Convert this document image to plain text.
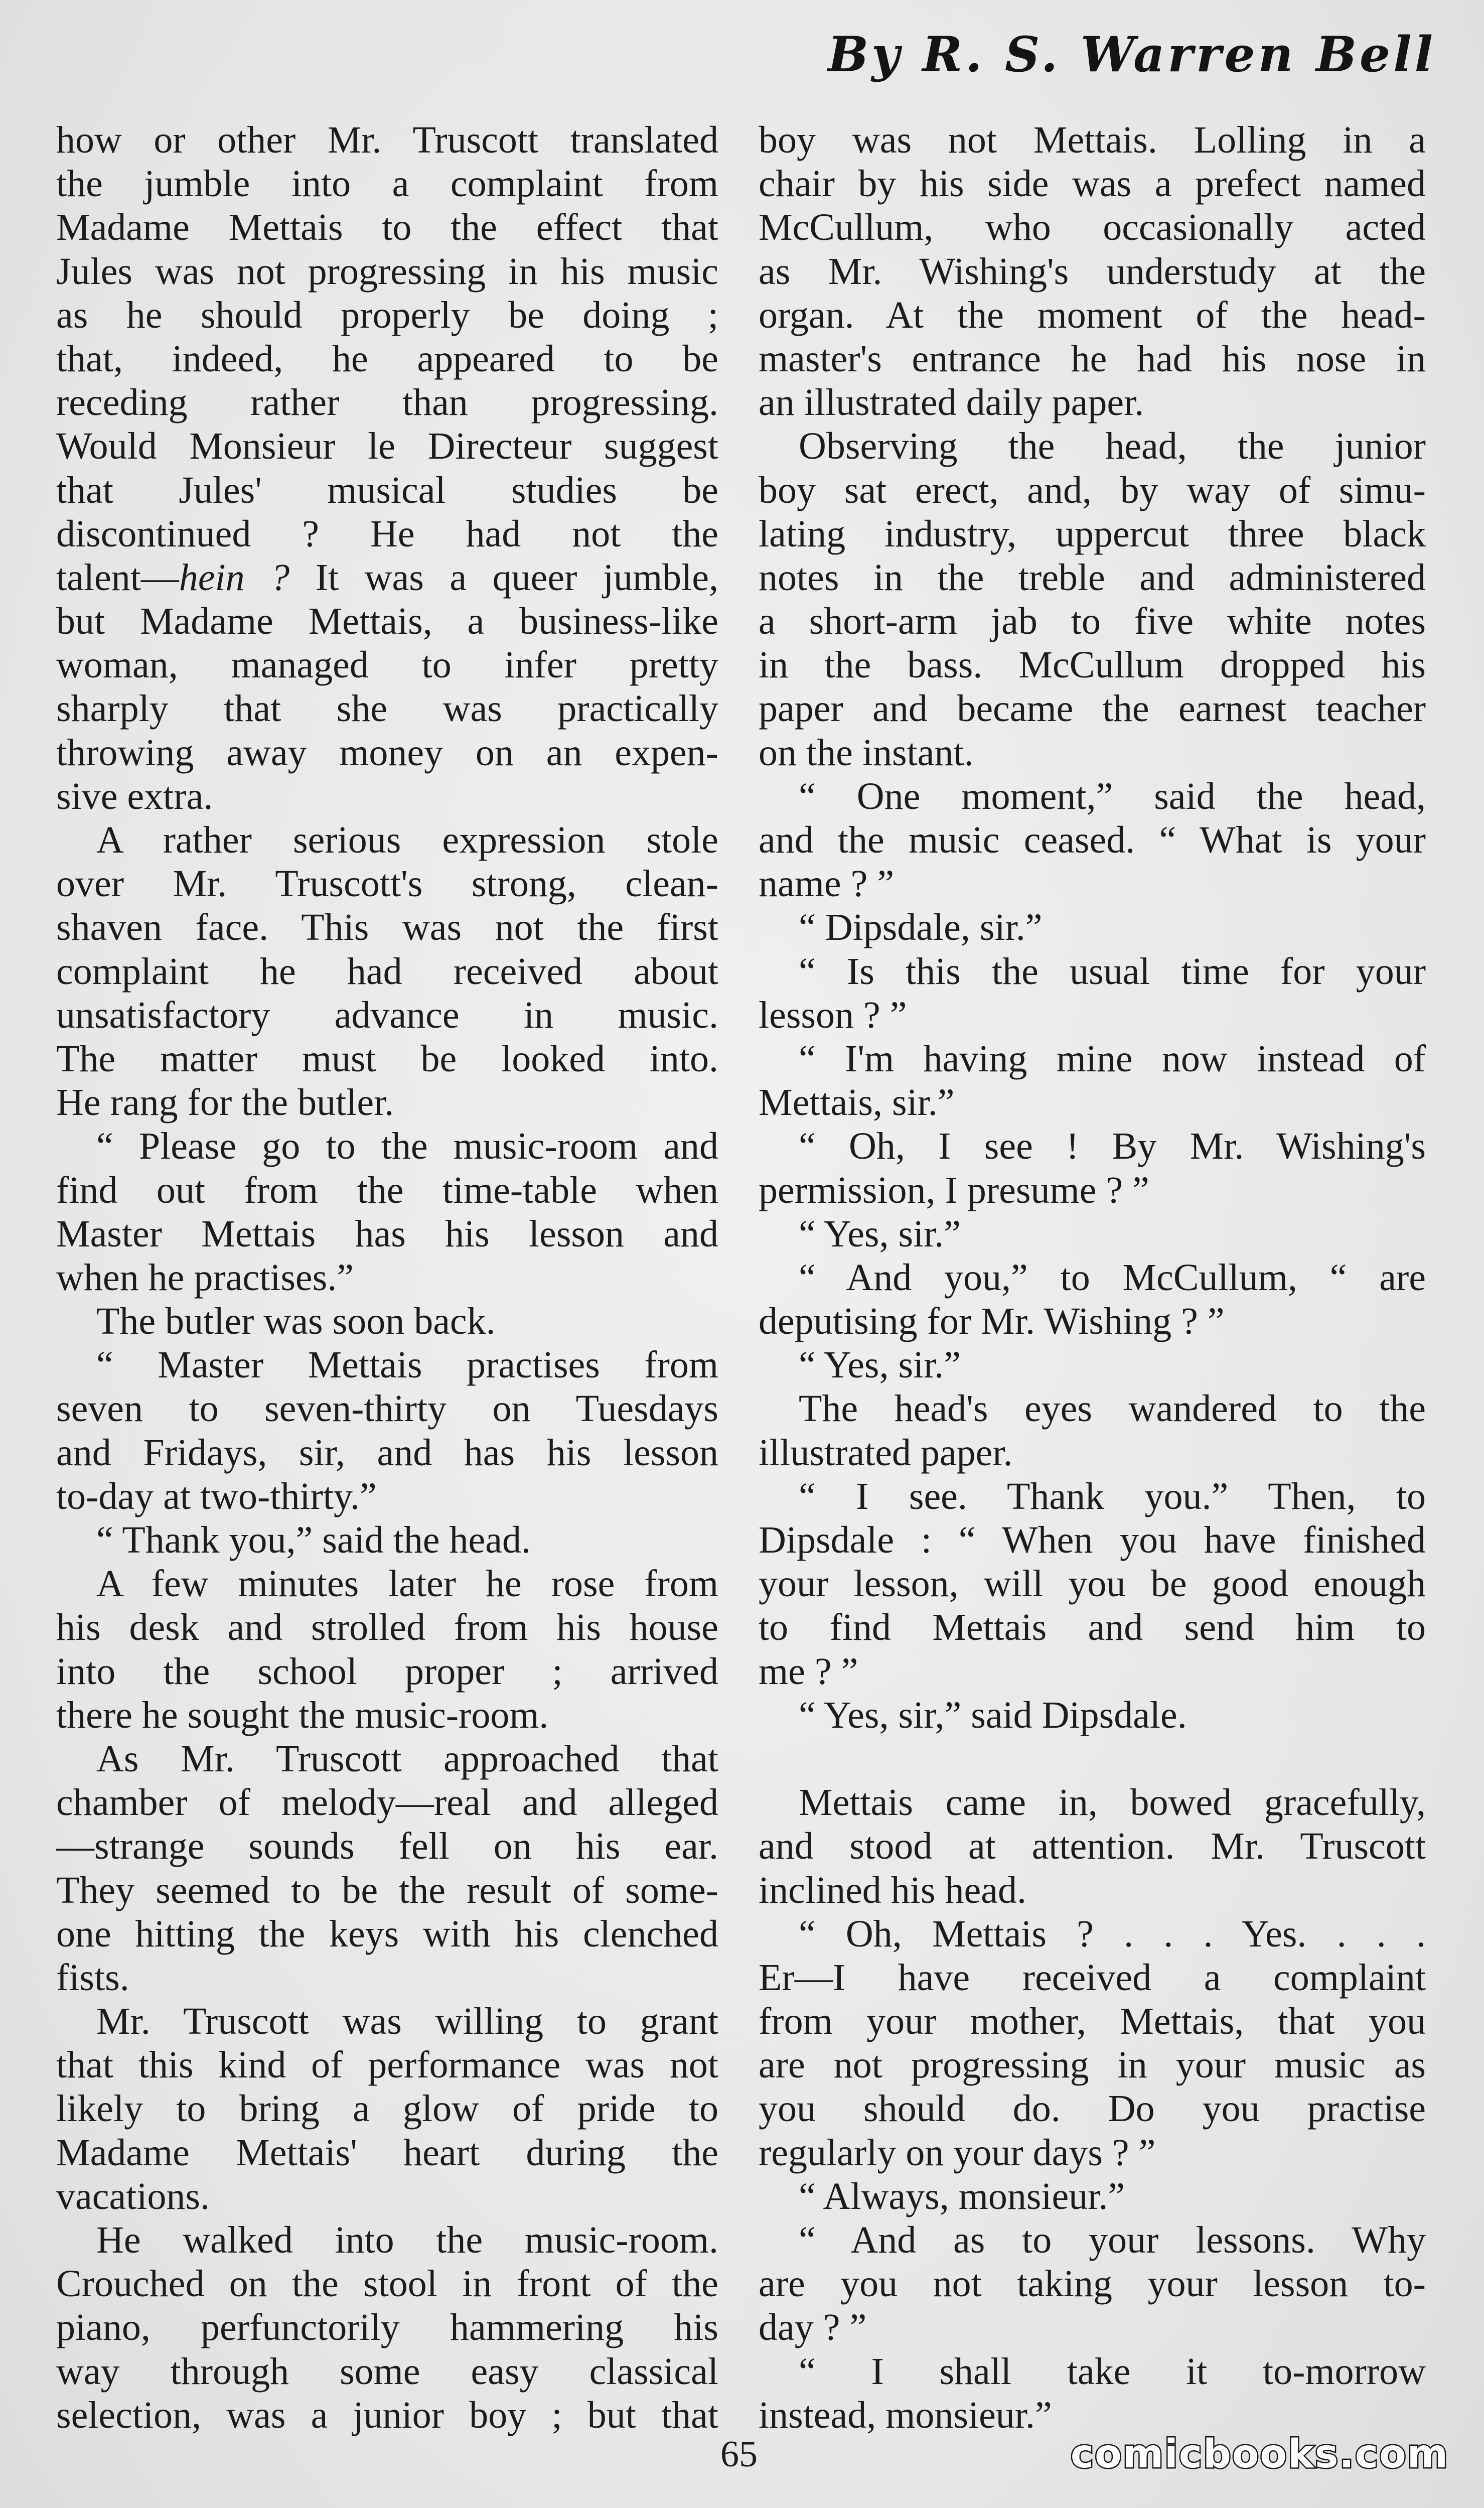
By R. S. Warren Bell
how or other Mr. Truscott translated
the jumble into a complaint from
Madame Mettais to the effect that
Jules was not progressing in his music
as he should properly be doing ;
that, indeed, he appeared to be
receding rather than progressing.
Would Monsieur le Directeur suggest
that Jules' musical studies be
discontinued ? He had not the
talent—hein ? It was a queer jumble,
but Madame Mettais, a business-like
woman, managed to infer pretty
sharply that she was practically
throwing away money on an expen-
sive extra.
A rather serious expression stole
over Mr. Truscott's strong, clean-
shaven face. This was not the first
complaint he had received about
unsatisfactory advance in music.
The matter must be looked into.
He rang for the butler.
“ Please go to the music-room and
find out from the time-table when
Master Mettais has his lesson and
when he practises.”
The butler was soon back.
“ Master Mettais practises from
seven to seven-thirty on Tuesdays
and Fridays, sir, and has his lesson
to-day at two-thirty.”
“ Thank you,” said the head.
A few minutes later he rose from
his desk and strolled from his house
into the school proper ; arrived
there he sought the music-room.
As Mr. Truscott approached that
chamber of melody—real and alleged
—strange sounds fell on his ear.
They seemed to be the result of some-
one hitting the keys with his clenched
fists.
Mr. Truscott was willing to grant
that this kind of performance was not
likely to bring a glow of pride to
Madame Mettais' heart during the
vacations.
He walked into the music-room.
Crouched on the stool in front of the
piano, perfunctorily hammering his
way through some easy classical
selection, was a junior boy ; but that
boy was not Mettais. Lolling in a
chair by his side was a prefect named
McCullum, who occasionally acted
as Mr. Wishing's understudy at the
organ. At the moment of the head-
master's entrance he had his nose in
an illustrated daily paper.
Observing the head, the junior
boy sat erect, and, by way of simu-
lating industry, uppercut three black
notes in the treble and administered
a short-arm jab to five white notes
in the bass. McCullum dropped his
paper and became the earnest teacher
on the instant.
“ One moment,” said the head,
and the music ceased. “ What is your
name ? ”
“ Dipsdale, sir.”
“ Is this the usual time for your
lesson ? ”
“ I'm having mine now instead of
Mettais, sir.”
“ Oh, I see ! By Mr. Wishing's
permission, I presume ? ”
“ Yes, sir.”
“ And you,” to McCullum, “ are
deputising for Mr. Wishing ? ”
“ Yes, sir.”
The head's eyes wandered to the
illustrated paper.
“ I see. Thank you.” Then, to
Dipsdale : “ When you have finished
your lesson, will you be good enough
to find Mettais and send him to
me ? ”
“ Yes, sir,” said Dipsdale.
Mettais came in, bowed gracefully,
and stood at attention. Mr. Truscott
inclined his head.
“ Oh, Mettais ? . . . Yes. . . .
Er—I have received a complaint
from your mother, Mettais, that you
are not progressing in your music as
you should do. Do you practise
regularly on your days ? ”
“ Always, monsieur.”
“ And as to your lessons. Why
are you not taking your lesson to-
day ? ”
“ I shall take it to-morrow
instead, monsieur.”
65	comicbooks.com
